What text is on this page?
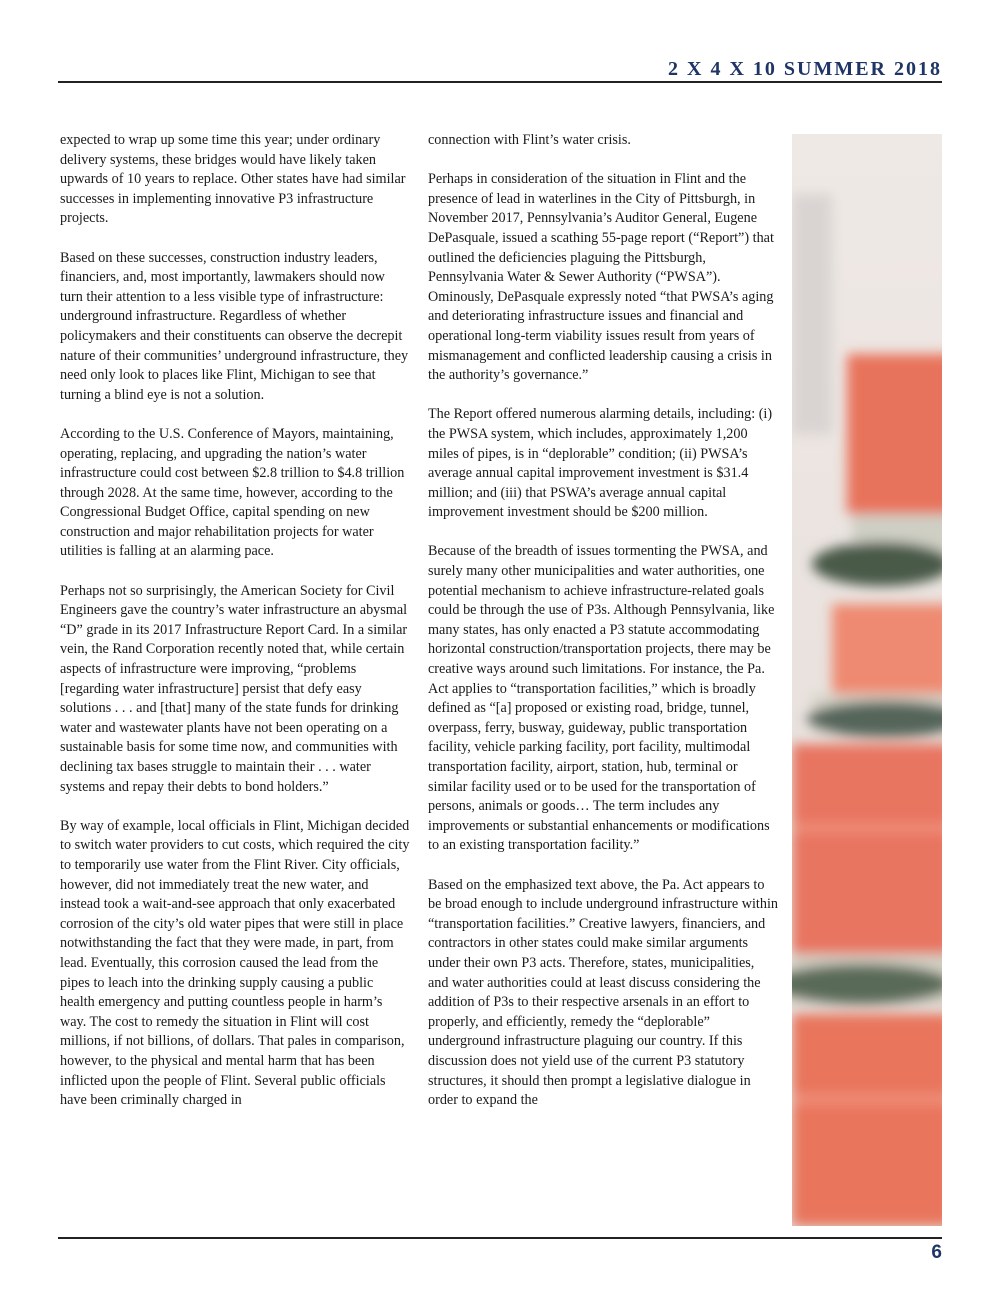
2 X 4 X 10 SUMMER 2018

expected to wrap up some time this year; under ordinary delivery systems, these bridges would have likely taken upwards of 10 years to replace. Other states have had similar successes in implementing innovative P3 infrastructure projects.

Based on these successes, construction industry leaders, financiers, and, most importantly, lawmakers should now turn their attention to a less visible type of infrastructure: underground infrastructure. Regardless of whether policymakers and their constituents can observe the decrepit nature of their communities’ underground infrastructure, they need only look to places like Flint, Michigan to see that turning a blind eye is not a solution.

According to the U.S. Conference of Mayors, maintaining, operating, replacing, and upgrading the nation’s water infrastructure could cost between $2.8 trillion to $4.8 trillion through 2028. At the same time, however, according to the Congressional Budget Office, capital spending on new construction and major rehabilitation projects for water utilities is falling at an alarming pace.

Perhaps not so surprisingly, the American Society for Civil Engineers gave the country’s water infrastructure an abysmal “D” grade in its 2017 Infrastructure Report Card. In a similar vein, the Rand Corporation recently noted that, while certain aspects of infrastructure were improving, “problems [regarding water infrastructure] persist that defy easy solutions . . . and [that] many of the state funds for drinking water and wastewater plants have not been operating on a sustainable basis for some time now, and communities with declining tax bases struggle to maintain their . . . water systems and repay their debts to bond holders.”

By way of example, local officials in Flint, Michigan decided to switch water providers to cut costs, which required the city to temporarily use water from the Flint River. City officials, however, did not immediately treat the new water, and instead took a wait-and-see approach that only exacerbated corrosion of the city’s old water pipes that were still in place notwithstanding the fact that they were made, in part, from lead. Eventually, this corrosion caused the lead from the pipes to leach into the drinking supply causing a public health emergency and putting countless people in harm’s way. The cost to remedy the situation in Flint will cost millions, if not billions, of dollars. That pales in comparison, however, to the physical and mental harm that has been inflicted upon the people of Flint. Several public officials have been criminally charged in

connection with Flint’s water crisis.

Perhaps in consideration of the situation in Flint and the presence of lead in waterlines in the City of Pittsburgh, in November 2017, Pennsylvania’s Auditor General, Eugene DePasquale, issued a scathing 55-page report (“Report”) that outlined the deficiencies plaguing the Pittsburgh, Pennsylvania Water & Sewer Authority (“PWSA”). Ominously, DePasquale expressly noted “that PWSA’s aging and deteriorating infrastructure issues and financial and operational long-term viability issues result from years of mismanagement and conflicted leadership causing a crisis in the authority’s governance.”

The Report offered numerous alarming details, including: (i) the PWSA system, which includes, approximately 1,200 miles of pipes, is in “deplorable” condition; (ii) PWSA’s average annual capital improvement investment is $31.4 million; and (iii) that PSWA’s average annual capital improvement investment should be $200 million.

Because of the breadth of issues tormenting the PWSA, and surely many other municipalities and water authorities, one potential mechanism to achieve infrastructure-related goals could be through the use of P3s. Although Pennsylvania, like many states, has only enacted a P3 statute accommodating horizontal construction/transportation projects, there may be creative ways around such limitations. For instance, the Pa. Act applies to “transportation facilities,” which is broadly defined as “[a] proposed or existing road, bridge, tunnel, overpass, ferry, busway, guideway, public transportation facility, vehicle parking facility, port facility, multimodal transportation facility, airport, station, hub, terminal or similar facility used or to be used for the transportation of persons, animals or goods… The term includes any improvements or substantial enhancements or modifications to an existing transportation facility.”

Based on the emphasized text above, the Pa. Act appears to be broad enough to include underground infrastructure within “transportation facilities.” Creative lawyers, financiers, and contractors in other states could make similar arguments under their own P3 acts. Therefore, states, municipalities, and water authorities could at least discuss considering the addition of P3s to their respective arsenals in an effort to properly, and efficiently, remedy the “deplorable” underground infrastructure plaguing our country. If this discussion does not yield use of the current P3 statutory structures, it should then prompt a legislative dialogue in order to expand the

6
